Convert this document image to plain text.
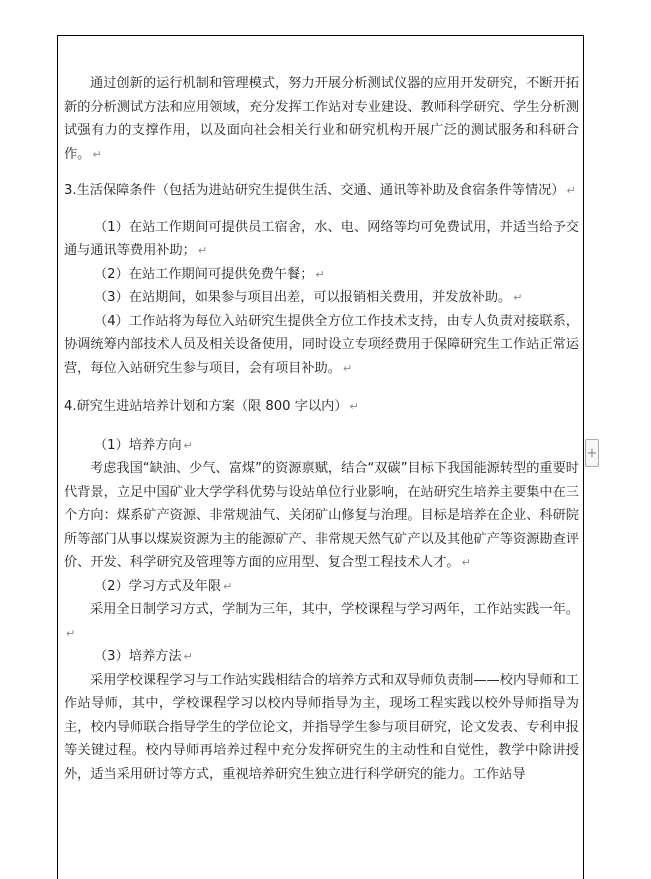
通过创新的运行机制和管理模式，努力开展分析测试仪器的应用开发研究，不断开拓新的分析测试方法和应用领域，充分发挥工作站对专业建设、教师科学研究、学生分析测试强有力的支撑作用，以及面向社会相关行业和研究机构开展广泛的测试服务和科研合作。 ↵

3.生活保障条件（包括为进站研究生提供生活、交通、通讯等补助及食宿条件等情况） ↵

（1）在站工作期间可提供员工宿舍，水、电、网络等均可免费试用，并适当给予交通与通讯等费用补助； ↵

（2）在站工作期间可提供免费午餐； ↵

（3）在站期间，如果参与项目出差，可以报销相关费用，并发放补助。 ↵

（4）工作站将为每位入站研究生提供全方位工作技术支持，由专人负责对接联系，协调统筹内部技术人员及相关设备使用，同时设立专项经费用于保障研究生工作站正常运营，每位入站研究生参与项目，会有项目补助。 ↵

4.研究生进站培养计划和方案（限 800 字以内） ↵

（1）培养方向 ↵

考虑我国“缺油、少气、富煤”的资源禀赋，结合“双碳”目标下我国能源转型的重要时代背景，立足中国矿业大学学科优势与设站单位行业影响，在站研究生培养主要集中在三个方向：煤系矿产资源、非常规油气、关闭矿山修复与治理。目标是培养在企业、科研院所等部门从事以煤炭资源为主的能源矿产、非常规天然气矿产以及其他矿产等资源勘查评价、开发、科学研究及管理等方面的应用型、复合型工程技术人才。 ↵

（2）学习方式及年限 ↵

采用全日制学习方式，学制为三年，其中，学校课程与学习两年，工作站实践一年。↵

（3）培养方法 ↵

采用学校课程学习与工作站实践相结合的培养方式和双导师负责制——校内导师和工作站导师，其中，学校课程学习以校内导师指导为主，现场工程实践以校外导师指导为主，校内导师联合指导学生的学位论文，并指导学生参与项目研究，论文发表、专利申报等关键过程。校内导师再培养过程中充分发挥研究生的主动性和自觉性，教学中除讲授外，适当采用研讨等方式，重视培养研究生独立进行科学研究的能力。工作站导

+
